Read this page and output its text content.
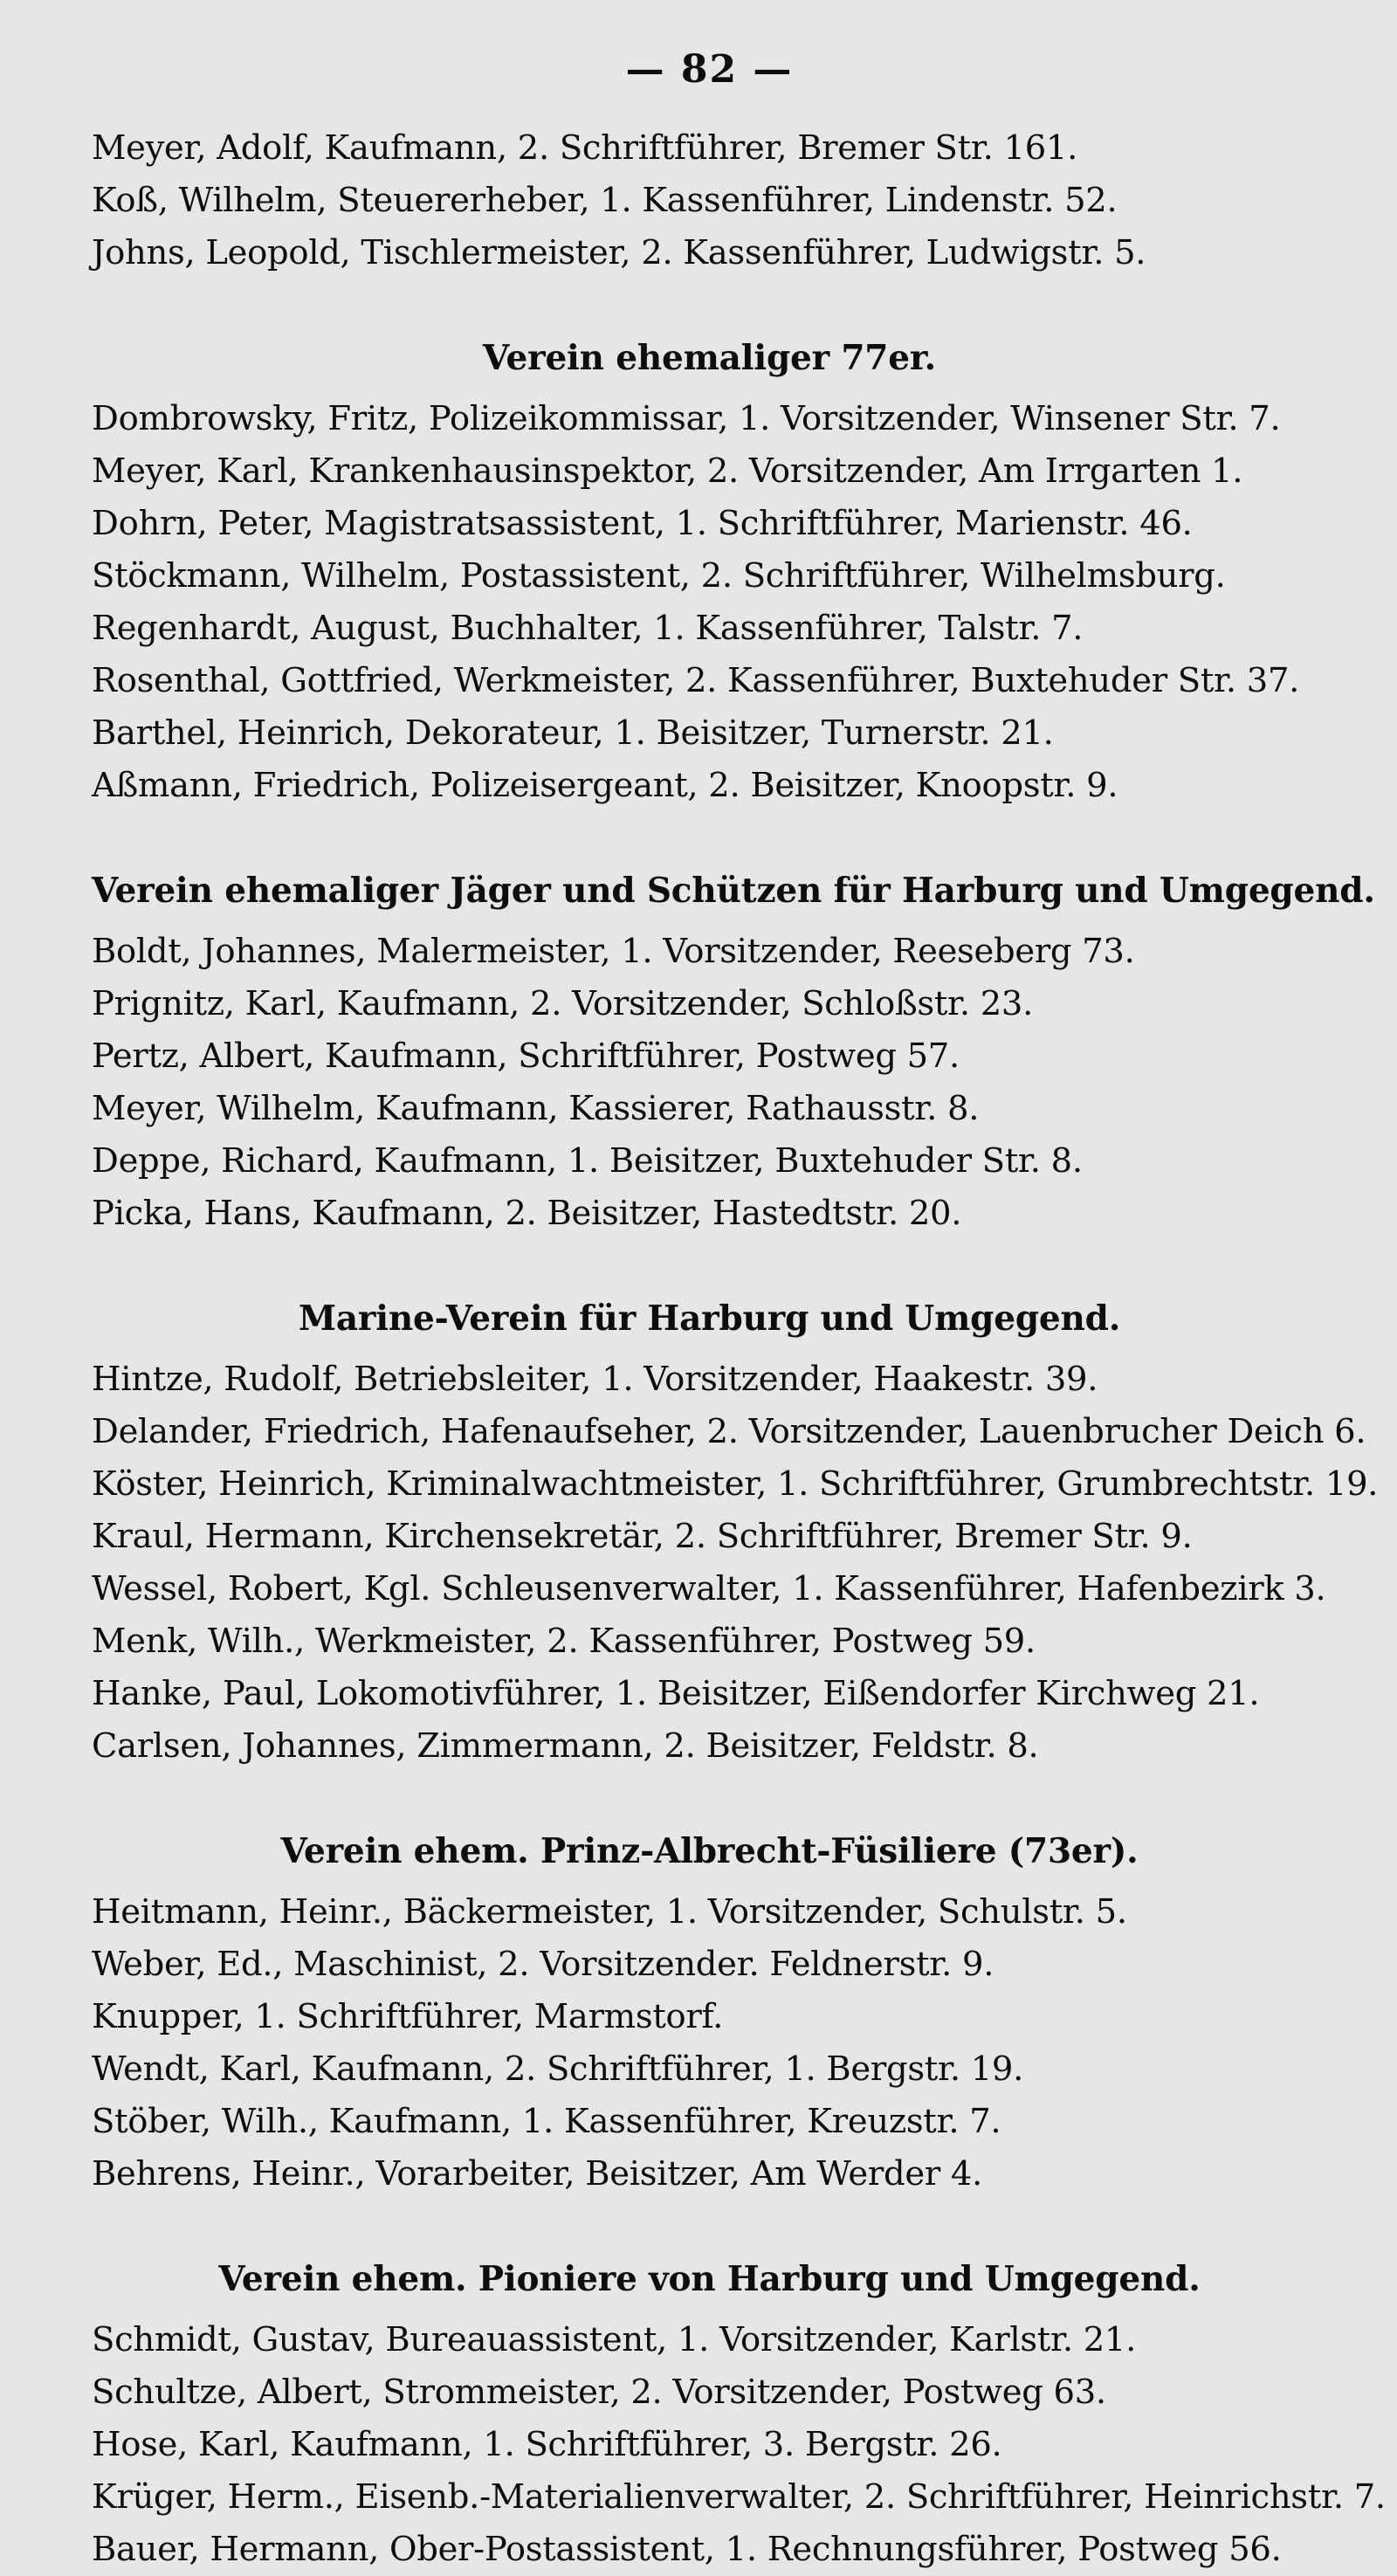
— 82 —
Meyer, Adolf, Kaufmann, 2. Schriftführer, Bremer Str. 161.
Koß, Wilhelm, Steuererheber, 1. Kassenführer, Lindenstr. 52.
Johns, Leopold, Tischlermeister, 2. Kassenführer, Ludwigstr. 5.
Verein ehemaliger 77er.
Dombrowsky, Fritz, Polizeikommissar, 1. Vorsitzender, Winsener Str. 7.
Meyer, Karl, Krankenhausinspektor, 2. Vorsitzender, Am Irrgarten 1.
Dohrn, Peter, Magistratsassistent, 1. Schriftführer, Marienstr. 46.
Stöckmann, Wilhelm, Postassistent, 2. Schriftführer, Wilhelmsburg.
Regenhardt, August, Buchhalter, 1. Kassenführer, Talstr. 7.
Rosenthal, Gottfried, Werkmeister, 2. Kassenführer, Buxtehuder Str. 37.
Barthel, Heinrich, Dekorateur, 1. Beisitzer, Turnerstr. 21.
Aßmann, Friedrich, Polizeisergeant, 2. Beisitzer, Knoopstr. 9.
Verein ehemaliger Jäger und Schützen für Harburg und Umgegend.
Boldt, Johannes, Malermeister, 1. Vorsitzender, Reeseberg 73.
Prignitz, Karl, Kaufmann, 2. Vorsitzender, Schloßstr. 23.
Pertz, Albert, Kaufmann, Schriftführer, Postweg 57.
Meyer, Wilhelm, Kaufmann, Kassierer, Rathausstr. 8.
Deppe, Richard, Kaufmann, 1. Beisitzer, Buxtehuder Str. 8.
Picka, Hans, Kaufmann, 2. Beisitzer, Hastedtstr. 20.
Marine-Verein für Harburg und Umgegend.
Hintze, Rudolf, Betriebsleiter, 1. Vorsitzender, Haakestr. 39.
Delander, Friedrich, Hafenaufseher, 2. Vorsitzender, Lauenbrucher Deich 6.
Köster, Heinrich, Kriminalwachtmeister, 1. Schriftführer, Grumbrechtstr. 19.
Kraul, Hermann, Kirchensekretär, 2. Schriftführer, Bremer Str. 9.
Wessel, Robert, Kgl. Schleusenverwalter, 1. Kassenführer, Hafenbezirk 3.
Menk, Wilh., Werkmeister, 2. Kassenführer, Postweg 59.
Hanke, Paul, Lokomotivführer, 1. Beisitzer, Eißendorfer Kirchweg 21.
Carlsen, Johannes, Zimmermann, 2. Beisitzer, Feldstr. 8.
Verein ehem. Prinz-Albrecht-Füsiliere (73er).
Heitmann, Heinr., Bäckermeister, 1. Vorsitzender, Schulstr. 5.
Weber, Ed., Maschinist, 2. Vorsitzender. Feldnerstr. 9.
Knupper, 1. Schriftführer, Marmstorf.
Wendt, Karl, Kaufmann, 2. Schriftführer, 1. Bergstr. 19.
Stöber, Wilh., Kaufmann, 1. Kassenführer, Kreuzstr. 7.
Behrens, Heinr., Vorarbeiter, Beisitzer, Am Werder 4.
Verein ehem. Pioniere von Harburg und Umgegend.
Schmidt, Gustav, Bureauassistent, 1. Vorsitzender, Karlstr. 21.
Schultze, Albert, Strommeister, 2. Vorsitzender, Postweg 63.
Hose, Karl, Kaufmann, 1. Schriftführer, 3. Bergstr. 26.
Krüger, Herm., Eisenb.-Materialienverwalter, 2. Schriftführer, Heinrichstr. 7.
Bauer, Hermann, Ober-Postassistent, 1. Rechnungsführer, Postweg 56.
